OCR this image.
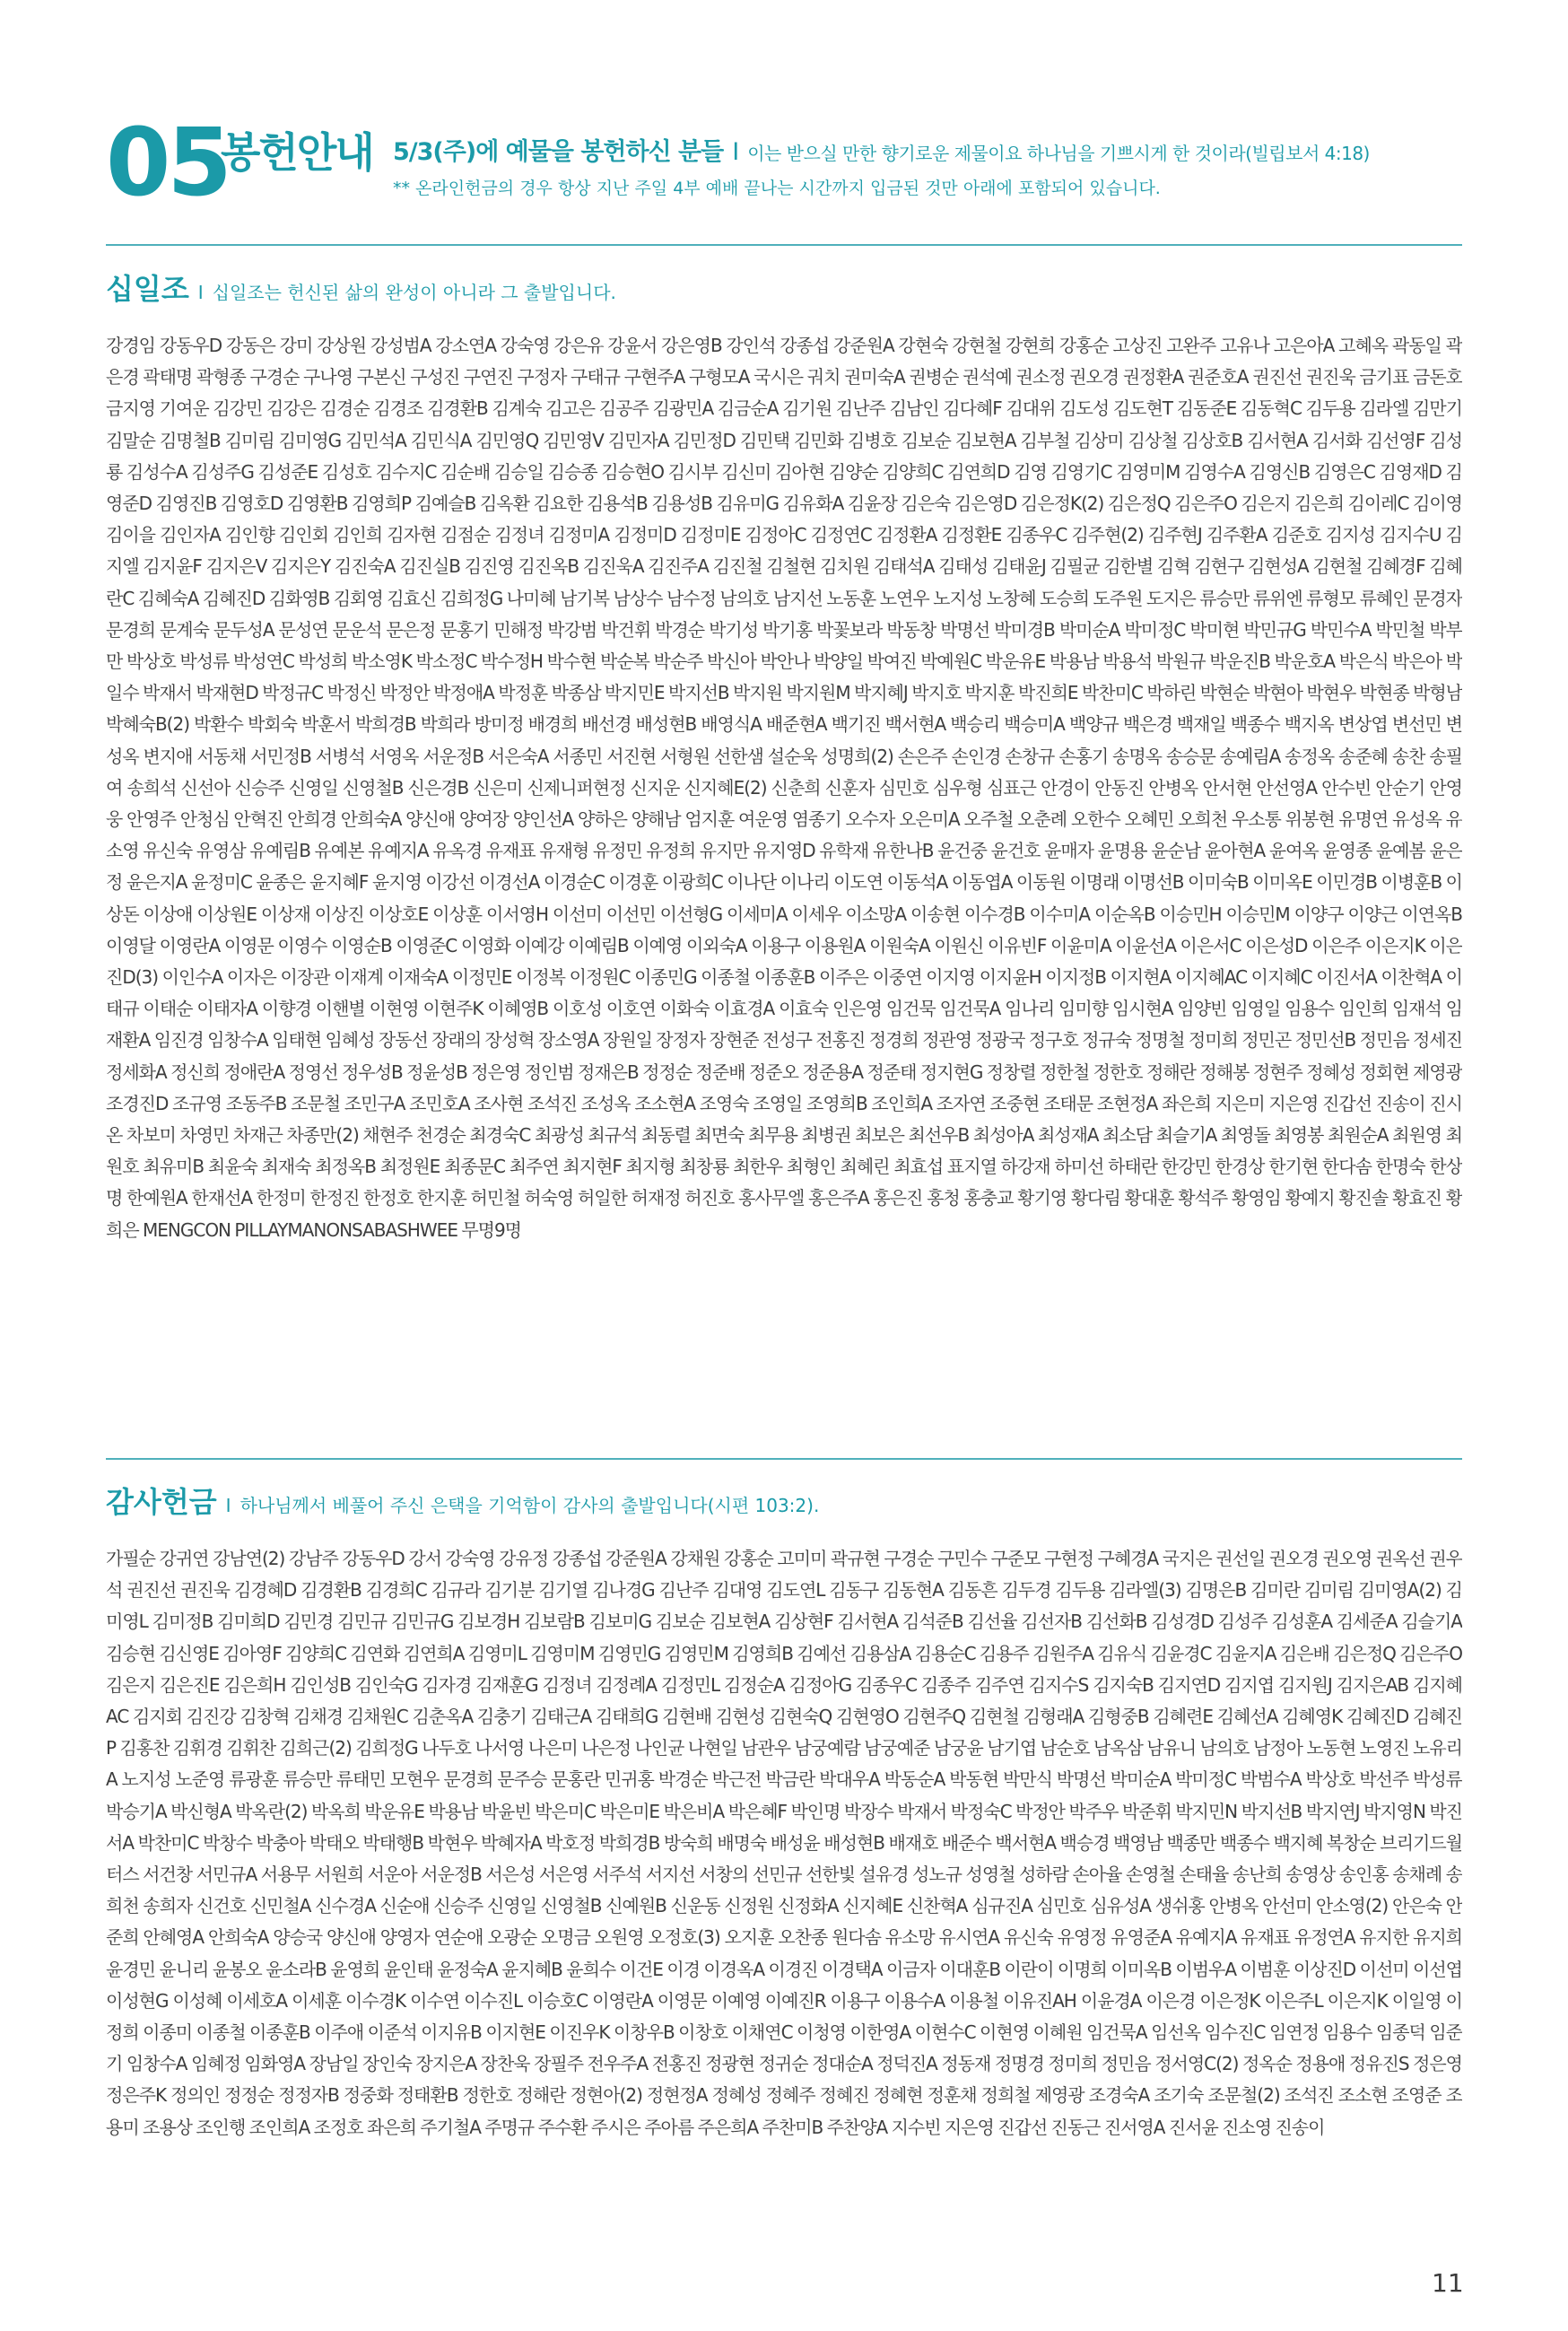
05
봉헌안내 5/3(주)에 예물을 봉헌하신 분들 I 이는 받으실 만한 향기로운 제물이요 하나님을 기쁘시게 한 것이라(빌립보서 4:18)
** 온라인헌금의 경우 항상 지난 주일 4부 예배 끝나는 시간까지 입금된 것만 아래에 포함되어 있습니다.
십일조 I 십일조는 헌신된 삶의 완성이 아니라 그 출발입니다.
강경임 강동우D 강동은 강미 강상원 강성범A 강소연A 강숙영 강은유 강윤서 강은영B 강인석 강종섭 강준원A 강현숙 강현철 강현희 강홍순 고상진 고완주 고유나 고은아A 고혜옥 곽동일 곽은경 곽태명 곽형종 구경순 구나영 구본신 구성진 구연진 구정자 구태규 구현주A 구형모A 국시은 궈치 권미숙A 권병순 권석예 권소정 권오경 권정환A 권준호A 권진선 권진욱 금기표 금돈호 금지영 기여운 김강민 김강은 김경순 김경조 김경환B 김계숙 김고은 김공주 김광민A 김금순A 김기원 김난주 김남인 김다혜F 김대위 김도성 김도현T 김동준E 김동혁C 김두용 김라엘 김만기 김말순 김명철B 김미림 김미영G 김민석A 김민식A 김민영Q 김민영V 김민자A 김민정D 김민택 김민화 김병호 김보순 김보현A 김부철 김상미 김상철 김상호B 김서현A 김서화 김선영F 김성룡 김성수A 김성주G 김성준E 김성호 김수지C 김순배 김승일 김승종 김승현O 김시부 김신미 김아현 김양순 김양희C 김연희D 김영 김영기C 김영미M 김영수A 김영신B 김영은C 김영재D 김영준D 김영진B 김영호D 김영환B 김영희P 김예슬B 김옥환 김요한 김용석B 김용성B 김유미G 김유화A 김윤장 김은숙 김은영D 김은정K(2) 김은정Q 김은주O 김은지 김은희 김이레C 김이영 김이을 김인자A 김인향 김인회 김인희 김자현 김점순 김정녀 김정미A 김정미D 김정미E 김정아C 김정연C 김정환A 김정환E 김종우C 김주현(2) 김주현J 김주환A 김준호 김지성 김지수U 김지엘 김지윤F 김지은V 김지은Y 김진숙A 김진실B 김진영 김진옥B 김진욱A 김진주A 김진철 김철현 김치원 김태석A 김태성 김태윤J 김필균 김한별 김혁 김현구 김현성A 김현철 김혜경F 김혜란C 김혜숙A 김혜진D 김화영B 김회영 김효신 김희정G 나미혜 남기복 남상수 남수정 남의호 남지선 노동훈 노연우 노지성 노창혜 도승희 도주원 도지은 류승만 류위엔 류형모 류혜인 문경자 문경희 문계숙 문두성A 문성연 문운석 문은정 문홍기 민해정 박강범 박건휘 박경순 박기성 박기홍 박꽃보라 박동창 박명선 박미경B 박미순A 박미정C 박미현 박민규G 박민수A 박민철 박부만 박상호 박성류 박성연C 박성희 박소영K 박소정C 박수정H 박수현 박순복 박순주 박신아 박안나 박양일 박여진 박예원C 박운유E 박용남 박용석 박원규 박운진B 박운호A 박은식 박은아 박일수 박재서 박재현D 박정규C 박정신 박정안 박정애A 박정훈 박종삼 박지민E 박지선B 박지원 박지원M 박지혜J 박지호 박지훈 박진희E 박찬미C 박하린 박현순 박현아 박현우 박현종 박형남 박혜숙B(2) 박환수 박회숙 박훈서 박희경B 박희라 방미정 배경희 배선경 배성현B 배영식A 배준현A 백기진 백서현A 백승리 백승미A 백양규 백은경 백재일 백종수 백지옥 변상엽 변선민 변성옥 변지애 서동채 서민정B 서병석 서영옥 서운정B 서은숙A 서종민 서진현 서형원 선한샘 설순욱 성명희(2) 손은주 손인경 손창규 손홍기 송명옥 송승문 송예림A 송정옥 송준혜 송찬 송필여 송희석 신선아 신승주 신영일 신영철B 신은경B 신은미 신제니퍼현정 신지운 신지혜E(2) 신춘희 신훈자 심민호 심우형 심표근 안경이 안동진 안병옥 안서현 안선영A 안수빈 안순기 안영웅 안영주 안청심 안혁진 안희경 안희숙A 양신애 양여장 양인선A 양하은 양해남 엄지훈 여운영 염종기 오수자 오은미A 오주철 오춘례 오한수 오혜민 오희천 우소통 위봉현 유명연 유성옥 유소영 유신숙 유영삼 유예림B 유예본 유예지A 유옥경 유재표 유재형 유정민 유정희 유지만 유지영D 유학재 유한나B 윤건중 윤건호 윤매자 윤명용 윤순남 윤아현A 윤여옥 윤영종 윤예봄 윤은정 윤은지A 윤정미C 윤종은 윤지혜F 윤지영 이강선 이경선A 이경순C 이경훈 이광희C 이나단 이나리 이도연 이동석A 이동엽A 이동원 이명래 이명선B 이미숙B 이미옥E 이민경B 이병훈B 이상돈 이상애 이상원E 이상재 이상진 이상호E 이상훈 이서영H 이선미 이선민 이선형G 이세미A 이세우 이소망A 이송현 이수경B 이수미A 이순옥B 이승민H 이승민M 이양구 이양근 이연옥B 이영달 이영란A 이영문 이영수 이영순B 이영준C 이영화 이예강 이예림B 이예영 이외숙A 이용구 이용원A 이원숙A 이원신 이유빈F 이윤미A 이윤선A 이은서C 이은성D 이은주 이은지K 이은진D(3) 이인수A 이자은 이장관 이재계 이재숙A 이정민E 이정복 이정원C 이종민G 이종철 이종훈B 이주은 이중연 이지영 이지윤H 이지정B 이지현A 이지혜AC 이지혜C 이진서A 이찬혁A 이태규 이태순 이태자A 이향경 이핸별 이현영 이현주K 이혜영B 이호성 이호연 이화숙 이효경A 이효숙 인은영 임건묵 임건묵A 임나리 임미향 임시현A 임양빈 임영일 임용수 임인희 임재석 임재환A 임진경 임창수A 임태현 임혜성 장동선 장래의 장성혁 장소영A 장원일 장정자 장현준 전성구 전홍진 정경희 정관영 정광국 정구호 정규숙 정명철 정미희 정민곤 정민선B 정민음 정세진 정세화A 정신희 정애란A 정영선 정우성B 정윤성B 정은영 정인범 정재은B 정정순 정준배 정준오 정준용A 정준태 정지현G 정창렬 정한철 정한호 정해란 정해봉 정현주 정혜성 정회현 제영광 조경진D 조규영 조동주B 조문철 조민구A 조민호A 조사현 조석진 조성옥 조소현A 조영숙 조영일 조영희B 조인희A 조자연 조중현 조태문 조현정A 좌은희 지은미 지은영 진갑선 진송이 진시온 차보미 차영민 차재근 차종만(2) 채현주 천경순 최경숙C 최광성 최규석 최동렬 최면숙 최무용 최병권 최보은 최선우B 최성아A 최성재A 최소담 최슬기A 최영돌 최영봉 최원순A 최원영 최원호 최유미B 최윤숙 최재숙 최정옥B 최정원E 최종문C 최주연 최지현F 최지형 최창룡 최한우 최형인 최혜린 최효섭 표지열 하강재 하미선 하태란 한강민 한경상 한기현 한다솜 한명숙 한상명 한예원A 한재선A 한정미 한정진 한정호 한지훈 허민철 허숙영 허일한 허재정 허진호 홍사무엘 홍은주A 홍은진 홍청 홍충교 황기영 황다림 황대훈 황석주 황영임 황예지 황진솔 황효진 황희은 MENGCON PILLAYMANONSABASHWEE 무명9명
감사헌금 I 하나님께서 베풀어 주신 은택을 기억함이 감사의 출발입니다(시편 103:2).
가필순 강귀연 강남연(2) 강남주 강동우D 강서 강숙영 강유정 강종섭 강준원A 강채원 강홍순 고미미 곽규현 구경순 구민수 구준모 구현정 구혜경A 국지은 권선일 권오경 권오영 권옥선 권우석 권진선 권진욱 김경혜D 김경환B 김경희C 김규라 김기분 김기열 김나경G 김난주 김대영 김도연L 김동구 김동현A 김동흔 김두경 김두용 김라엘(3) 김명은B 김미란 김미림 김미영A(2) 김미영L 김미정B 김미희D 김민경 김민규 김민규G 김보경H 김보람B 김보미G 김보순 김보현A 김상현F 김서현A 김석준B 김선율 김선자B 김선화B 김성경D 김성주 김성훈A 김세준A 김슬기A 김승현 김신영E 김아영F 김양희C 김연화 김연희A 김영미L 김영미M 김영민G 김영민M 김영희B 김예선 김용삼A 김용순C 김용주 김원주A 김유식 김윤경C 김윤지A 김은배 김은정Q 김은주O 김은지 김은진E 김은희H 김인성B 김인숙G 김자경 김재훈G 김정녀 김정례A 김정민L 김정순A 김정아G 김종우C 김종주 김주연 김지수S 김지숙B 김지연D 김지엽 김지원J 김지은AB 김지혜AC 김지회 김진강 김창혁 김채경 김채원C 김춘옥A 김충기 김태근A 김태희G 김현배 김현성 김현숙Q 김현영O 김현주Q 김현철 김형래A 김형중B 김혜련E 김혜선A 김혜영K 김혜진D 김혜진P 김홍찬 김휘경 김휘찬 김희근(2) 김희정G 나두호 나서영 나은미 나은정 나인균 나현일 남관우 남궁예람 남궁예준 남궁윤 남기엽 남순호 남옥삼 남유니 남의호 남정아 노동현 노영진 노유리A 노지성 노준영 류광훈 류승만 류태민 모현우 문경희 문주승 문홍란 민귀홍 박경순 박근전 박금란 박대우A 박동순A 박동현 박만식 박명선 박미순A 박미정C 박범수A 박상호 박선주 박성류 박승기A 박신형A 박옥란(2) 박옥희 박운유E 박용남 박윤빈 박은미C 박은미E 박은비A 박은혜F 박인명 박장수 박재서 박정숙C 박정안 박주우 박준휘 박지민N 박지선B 박지연J 박지영N 박진서A 박찬미C 박창수 박충아 박태오 박태행B 박현우 박혜자A 박호정 박희경B 방숙희 배명숙 배성윤 배성현B 배재호 배준수 백서현A 백승경 백영남 백종만 백종수 백지혜 복창순 브리기드월터스 서건창 서민규A 서용무 서원희 서운아 서운정B 서은성 서은영 서주석 서지선 서창의 선민규 선한빛 설유경 성노규 성영철 성하람 손아율 손영철 손태율 송난희 송영상 송인홍 송채례 송희천 송희자 신건호 신민철A 신수경A 신순애 신승주 신영일 신영철B 신예원B 신운동 신정원 신정화A 신지혜E 신찬혁A 심규진A 심민호 심유성A 생쉬홍 안병옥 안선미 안소영(2) 안은숙 안준희 안혜영A 안희숙A 양승국 양신애 양영자 연순애 오광순 오명금 오원영 오정호(3) 오지훈 오찬종 원다솜 유소망 유시연A 유신숙 유영정 유영준A 유예지A 유재표 유정연A 유지한 유지희 윤경민 윤니리 윤봉오 윤소라B 윤영희 윤인태 윤정숙A 윤지혜B 윤희수 이건E 이경 이경옥A 이경진 이경택A 이금자 이대훈B 이란이 이명희 이미옥B 이범우A 이범훈 이상진D 이선미 이선엽 이성현G 이성혜 이세호A 이세훈 이수경K 이수연 이수진L 이승호C 이영란A 이영문 이예영 이예진R 이용구 이용수A 이용철 이유진AH 이윤경A 이은경 이은정K 이은주L 이은지K 이일영 이정희 이종미 이종철 이종훈B 이주애 이준석 이지유B 이지현E 이진우K 이창우B 이창호 이채연C 이청영 이한영A 이현수C 이현영 이혜원 임건묵A 임선옥 임수진C 임연정 임용수 임종덕 임준기 임창수A 임혜정 임화영A 장남일 장인숙 장지은A 장찬욱 장필주 전우주A 전홍진 정광현 정귀순 정대순A 정덕진A 정동재 정명경 정미희 정민음 정서영C(2) 정옥순 정용애 정유진S 정은영 정은주K 정의인 정정순 정정자B 정중화 정태환B 정한호 정해란 정현아(2) 정현정A 정혜성 정혜주 정혜진 정혜현 정훈채 정희철 제영광 조경숙A 조기숙 조문철(2) 조석진 조소현 조영준 조용미 조용상 조인행 조인희A 조정호 좌은희 주기철A 주명규 주수환 주시은 주아름 주은희A 주찬미B 주찬양A 지수빈 지은영 진갑선 진동근 진서영A 진서윤 진소영 진송이
11
